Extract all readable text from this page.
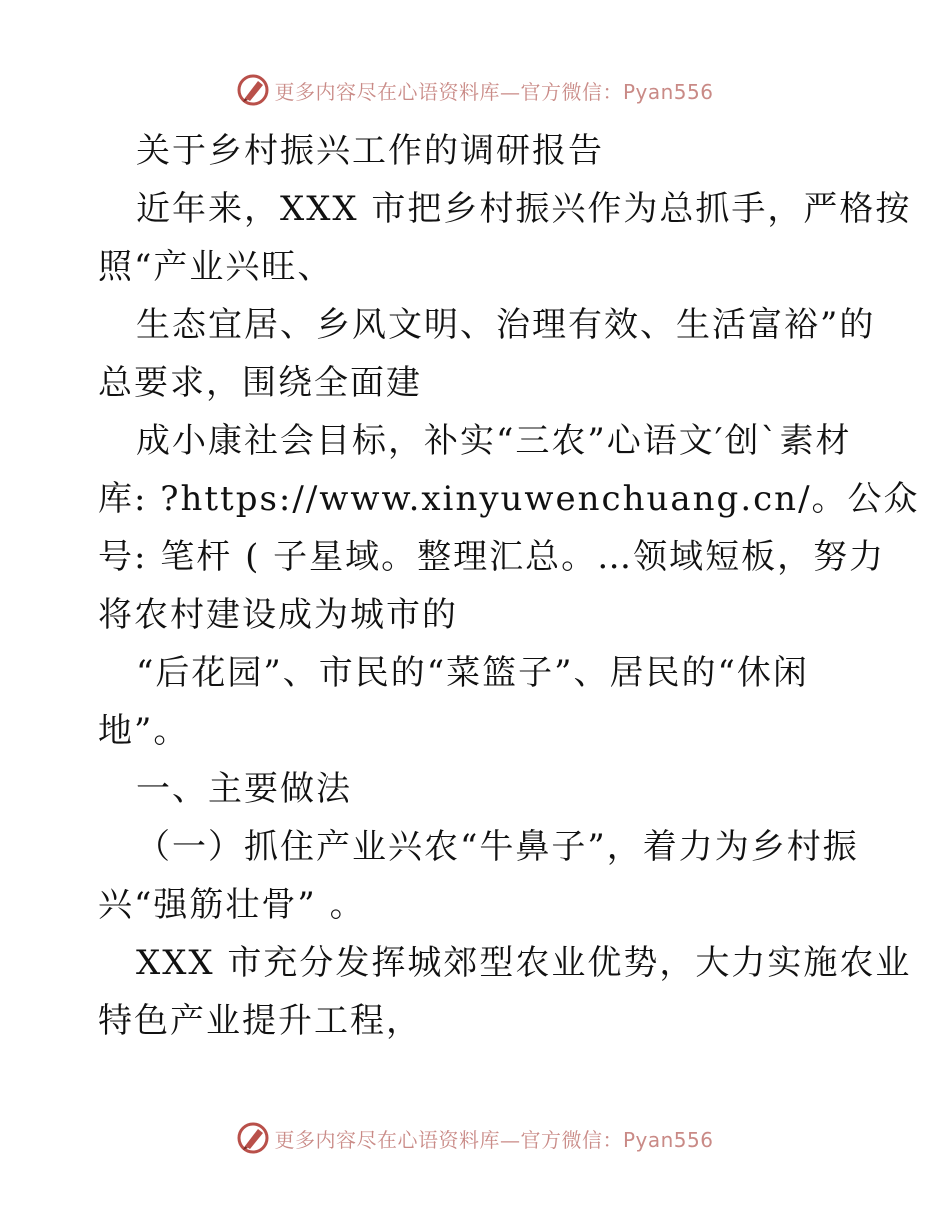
更多内容尽在心语资料库—官方微信：Pyan556
关于乡村振兴工作的调研报告
近年来，XXX 市把乡村振兴作为总抓手，严格按
照“产业兴旺、
生态宜居、乡风文明、治理有效、生活富裕”的
总要求，围绕全面建
成小康社会目标，补实“三农”心语文′创`素材
库: ?https://www.xinyuwenchuang.cn/。公众
号: 笔杆 ( 子星域。整理汇总。…领域短板，努力
将农村建设成为城市的
“后花园”、市民的“菜篮子”、居民的“休闲
地”。
一、主要做法
（一）抓住产业兴农“牛鼻子”，着力为乡村振
兴“强筋壮骨” 。
XXX 市充分发挥城郊型农业优势，大力实施农业
特色产业提升工程，
更多内容尽在心语资料库—官方微信：Pyan556
